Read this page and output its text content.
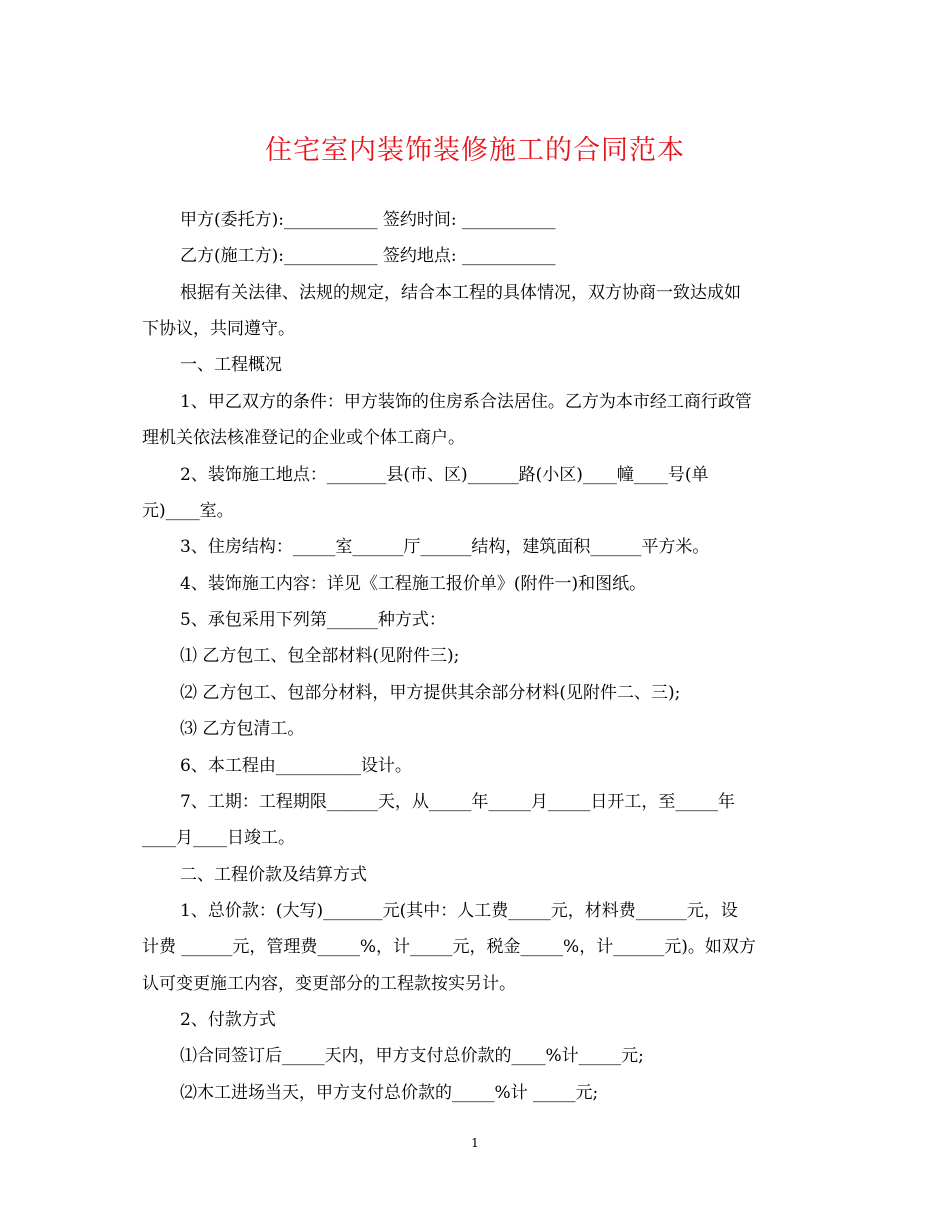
住宅室内装饰装修施工的合同范本
甲方(委托方):___________ 签约时间: ___________
乙方(施工方):___________ 签约地点: ___________
根据有关法律、法规的规定，结合本工程的具体情况，双方协商一致达成如
下协议，共同遵守。
一、工程概况
1、甲乙双方的条件：甲方装饰的住房系合法居住。乙方为本市经工商行政管
理机关依法核准登记的企业或个体工商户。
2、装饰施工地点：_______县(市、区)______路(小区)____幢____号(单
元)____室。
3、住房结构：_____室______厅______结构，建筑面积______平方米。
4、装饰施工内容：详见《工程施工报价单》(附件一)和图纸。
5、承包采用下列第______种方式：
⑴ 乙方包工、包全部材料(见附件三);
⑵ 乙方包工、包部分材料，甲方提供其余部分材料(见附件二、三);
⑶ 乙方包清工。
6、本工程由__________设计。
7、工期：工程期限______天，从_____年_____月_____日开工，至_____年
____月____日竣工。
二、工程价款及结算方式
1、总价款：(大写)_______元(其中：人工费_____元，材料费______元，设
计费 ______元，管理费_____%，计_____元，税金_____%，计______元)。如双方
认可变更施工内容，变更部分的工程款按实另计。
2、付款方式
⑴合同签订后_____天内，甲方支付总价款的____%计_____元;
⑵木工进场当天，甲方支付总价款的_____%计 _____元;
1
